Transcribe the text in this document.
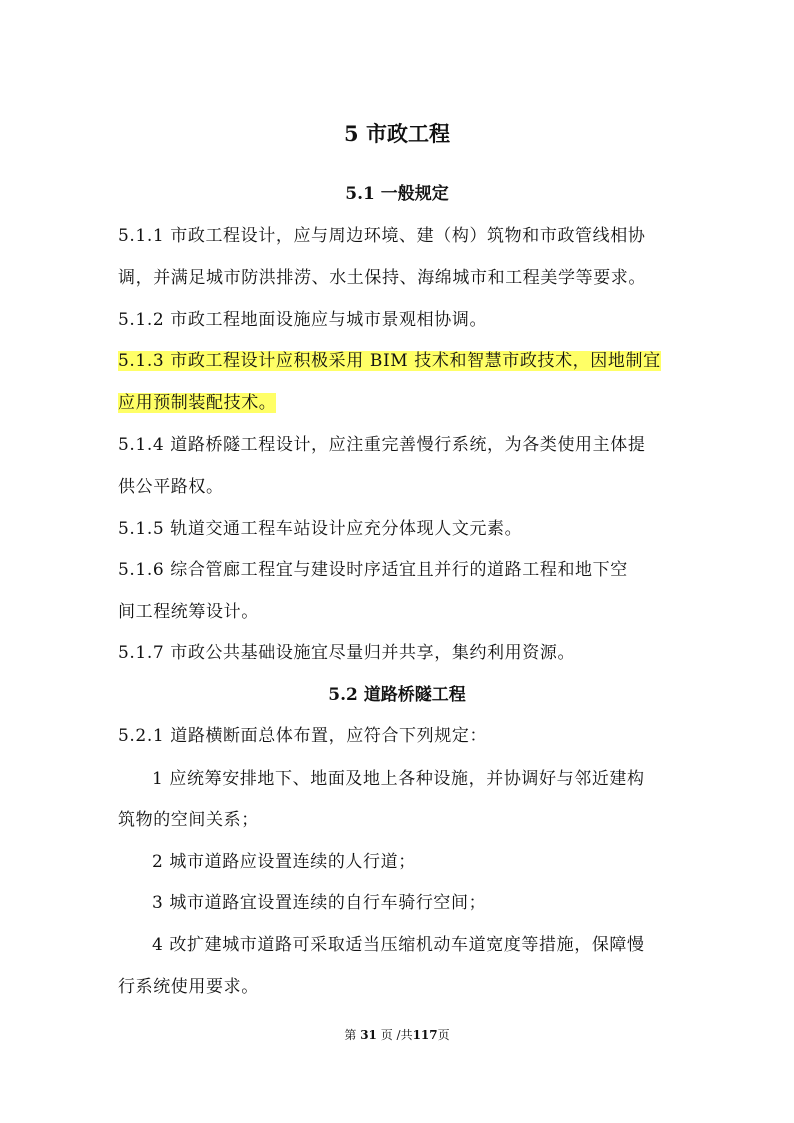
5 市政工程
5.1 一般规定
5.1.1 市政工程设计，应与周边环境、建（构）筑物和市政管线相协
调，并满足城市防洪排涝、水土保持、海绵城市和工程美学等要求。
5.1.2 市政工程地面设施应与城市景观相协调。
5.1.3 市政工程设计应积极采用 BIM 技术和智慧市政技术，因地制宜
应用预制装配技术。
5.1.4 道路桥隧工程设计，应注重完善慢行系统，为各类使用主体提
供公平路权。
5.1.5 轨道交通工程车站设计应充分体现人文元素。
5.1.6 综合管廊工程宜与建设时序适宜且并行的道路工程和地下空
间工程统筹设计。
5.1.7 市政公共基础设施宜尽量归并共享，集约利用资源。
5.2 道路桥隧工程
5.2.1 道路横断面总体布置，应符合下列规定：
1 应统筹安排地下、地面及地上各种设施，并协调好与邻近建构
筑物的空间关系；
2 城市道路应设置连续的人行道；
3 城市道路宜设置连续的自行车骑行空间；
4 改扩建城市道路可采取适当压缩机动车道宽度等措施，保障慢
行系统使用要求。
第 31 页 /共117页
